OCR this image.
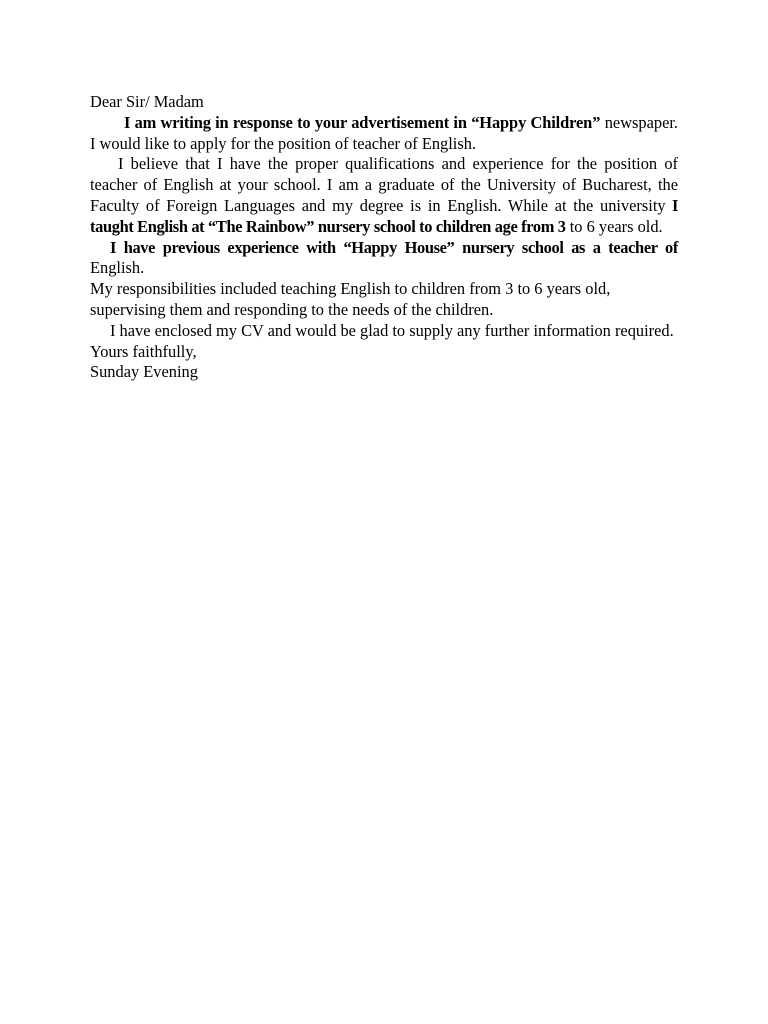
Dear Sir/ Madam

I am writing in response to your advertisement in “Happy Children” newspaper. I would like to apply for the position of teacher of English.

I believe that I have the proper qualifications and experience for the position of teacher of English at your school. I am a graduate of the University of Bucharest, the Faculty of Foreign Languages and my degree is in English. While at the university I taught English at “The Rainbow” nursery school to children age from 3 to 6 years old.

I have previous experience with “Happy House” nursery school as a teacher of English.

My responsibilities included teaching English to children from 3 to 6 years old, supervising them and responding to the needs of the children.

I have enclosed my CV and would be glad to supply any further information required.

Yours faithfully,

Sunday Evening
